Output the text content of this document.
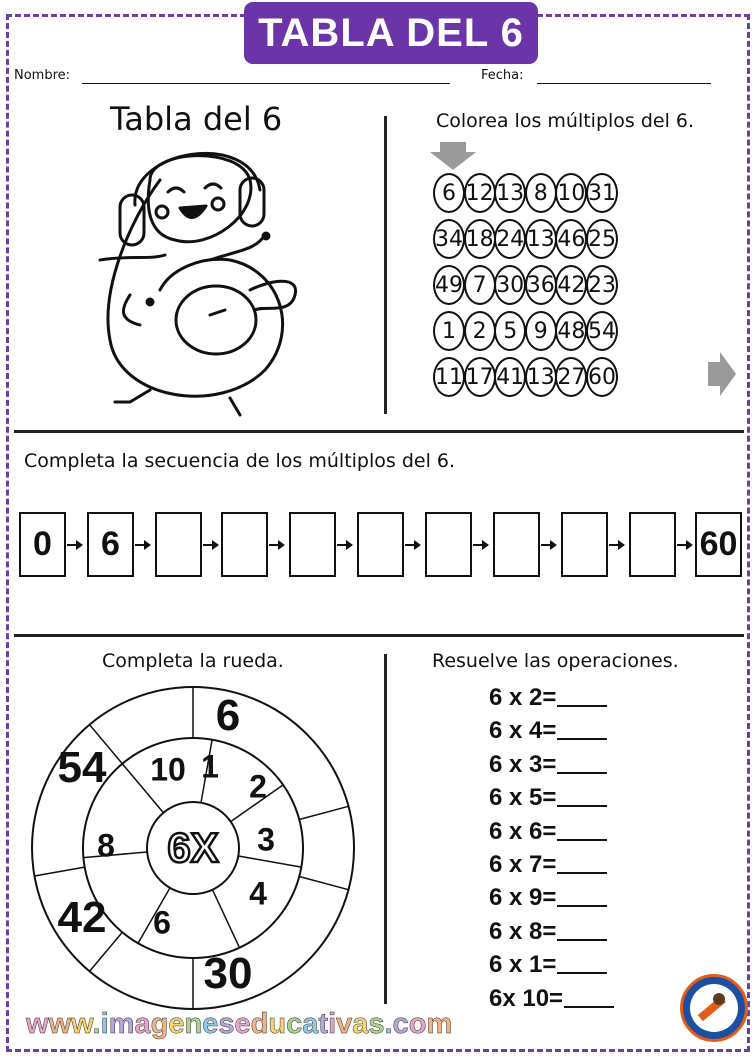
TABLA DEL 6
Nombre:	Fecha:
Tabla del 6	Colorea los múltiplos del 6.
6 12 13 8 10 31
34 18 24 13 46 25
49 7 30 36 42 23
1 2 5 9 48 54
11 17 41 13 27 60
Completa la secuencia de los múltiplos del 6.
0	6	60
Completa la rueda.
6X
1
2
3
4
6
8
10
6
54
42
30
Resuelve las operaciones.
6 x 2=
6 x 4=
6 x 3=
6 x 5=
6 x 6=
6 x 7=
6 x 9=
6 x 8=
6 x 1=
6x 10=
www.imageneseducativas.com
